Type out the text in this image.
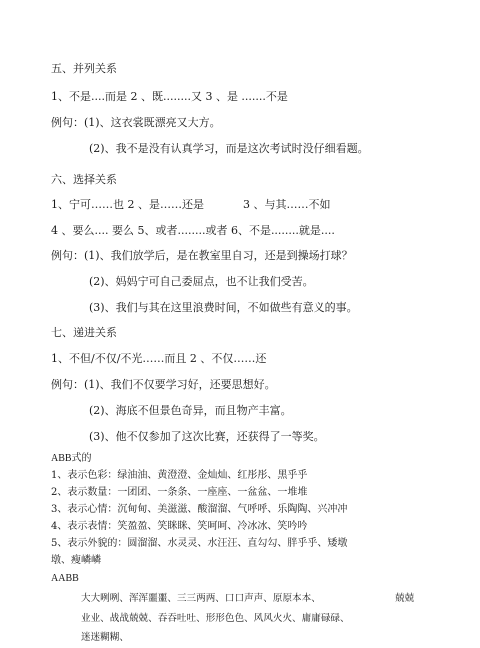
五、并列关系
1、不是....而是 2 、既........又 3 、是 .......不是
例句：(1)、这衣裳既漂亮又大方。
(2)、我不是没有认真学习，而是这次考试时没仔细看题。
六、选择关系
1、宁可……也 2 、是……还是	3 、与其……不如
4 、要么.... 要么 5、或者........或者 6、不是........就是....
例句：(1)、我们放学后，是在教室里自习，还是到操场打球？
(2)、妈妈宁可自己委屈点，也不让我们受苦。
(3)、我们与其在这里浪费时间，不如做些有意义的事。
七、递进关系
1、不但/不仅/不光……而且 2 、不仅……还
例句：(1)、我们不仅要学习好，还要思想好。
(2)、海底不但景色奇异，而且物产丰富。
(3)、他不仅参加了这次比赛，还获得了一等奖。
ABB式的
1、表示色彩：绿油油、黄澄澄、金灿灿、红彤彤、黑乎乎
2、表示数量：一团团、一条条、一座座、一盆盆、一堆堆
3、表示心情：沉甸甸、美滋滋、酸溜溜、气呼呼、乐陶陶、兴冲冲
4、表示表情：笑盈盈、笑眯眯、笑呵呵、冷冰冰、笑吟吟
5、表示外貌的：圆溜溜、水灵灵、水汪汪、直勾勾、胖乎乎、矮墩
墩、瘦嶙嶙
AABB
大大咧咧、浑浑噩噩、三三两两、口口声声、原原本本、	兢兢
业业、战战兢兢、吞吞吐吐、形形色色、风风火火、庸庸碌碌、
迷迷糊糊、
